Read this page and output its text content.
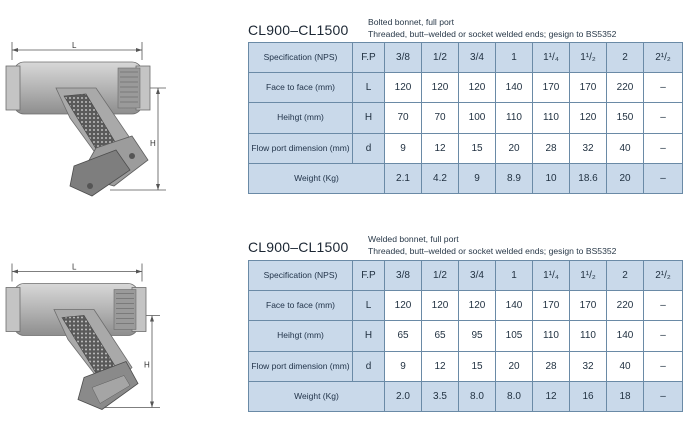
L
H
CL900–CL1500 Bolted bonnet, full port
Threaded, butt–welded or socket welded ends; gesign to BS5352
Specification (NPS)	F.P	3/8	1/2	3/4	1	1¹/₄	1¹/₂	2	2¹/₂
Face to face (mm)	L	120	120	120	140	170	170	220	–
Heihgt (mm)	H	70	70	100	110	110	120	150	–
Flow port dimension (mm)	d	9	12	15	20	28	32	40	–
Weight (Kg)		2.1	4.2	9	8.9	10	18.6	20	–
L
H
CL900–CL1500 Welded bonnet, full port
Threaded, butt–welded or socket welded ends; gesign to BS5352
Specification (NPS)	F.P	3/8	1/2	3/4	1	1¹/₄	1¹/₂	2	2¹/₂
Face to face (mm)	L	120	120	120	140	170	170	220	–
Heihgt (mm)	H	65	65	95	105	110	110	140	–
Flow port dimension (mm)	d	9	12	15	20	28	32	40	–
Weight (Kg)		2.0	3.5	8.0	8.0	12	16	18	–
